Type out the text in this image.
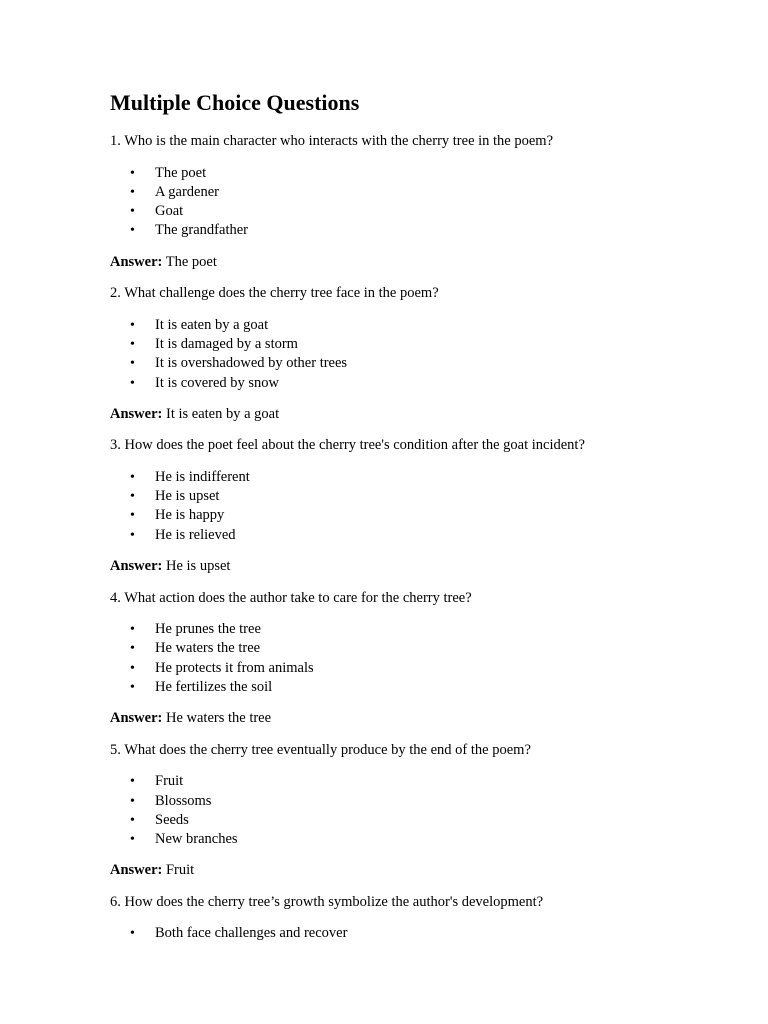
Multiple Choice Questions

1. Who is the main character who interacts with the cherry tree in the poem?

• The poet
• A gardener
• Goat
• The grandfather

Answer: The poet

2. What challenge does the cherry tree face in the poem?

• It is eaten by a goat
• It is damaged by a storm
• It is overshadowed by other trees
• It is covered by snow

Answer: It is eaten by a goat

3. How does the poet feel about the cherry tree's condition after the goat incident?

• He is indifferent
• He is upset
• He is happy
• He is relieved

Answer: He is upset

4. What action does the author take to care for the cherry tree?

• He prunes the tree
• He waters the tree
• He protects it from animals
• He fertilizes the soil

Answer: He waters the tree

5. What does the cherry tree eventually produce by the end of the poem?

• Fruit
• Blossoms
• Seeds
• New branches

Answer: Fruit

6. How does the cherry tree’s growth symbolize the author's development?

• Both face challenges and recover
